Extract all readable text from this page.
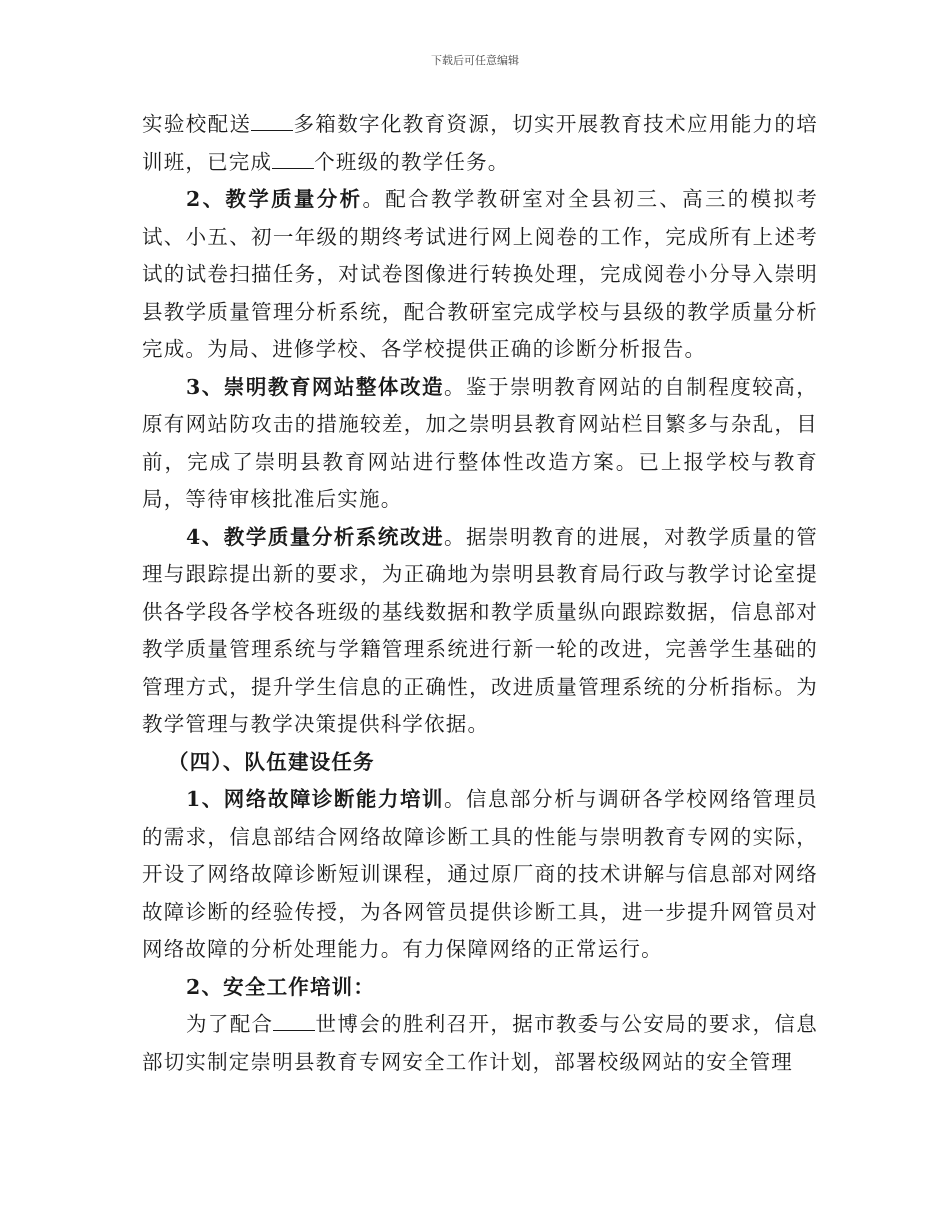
下载后可任意编辑

实验校配送 多箱数字化教育资源，切实开展教育技术应用能力的培训班，已完成 个班级的教学任务。

2、教学质量分析。配合教学教研室对全县初三、高三的模拟考试、小五、初一年级的期终考试进行网上阅卷的工作，完成所有上述考试的试卷扫描任务，对试卷图像进行转换处理，完成阅卷小分导入崇明县教学质量管理分析系统，配合教研室完成学校与县级的教学质量分析完成。为局、进修学校、各学校提供正确的诊断分析报告。

3、崇明教育网站整体改造。鉴于崇明教育网站的自制程度较高，原有网站防攻击的措施较差，加之崇明县教育网站栏目繁多与杂乱，目前，完成了崇明县教育网站进行整体性改造方案。已上报学校与教育局，等待审核批准后实施。

4、教学质量分析系统改进。据崇明教育的进展，对教学质量的管理与跟踪提出新的要求，为正确地为崇明县教育局行政与教学讨论室提供各学段各学校各班级的基线数据和教学质量纵向跟踪数据，信息部对教学质量管理系统与学籍管理系统进行新一轮的改进，完善学生基础的管理方式，提升学生信息的正确性，改进质量管理系统的分析指标。为教学管理与教学决策提供科学依据。

（四）、队伍建设任务

1、网络故障诊断能力培训。信息部分析与调研各学校网络管理员的需求，信息部结合网络故障诊断工具的性能与崇明教育专网的实际，开设了网络故障诊断短训课程，通过原厂商的技术讲解与信息部对网络故障诊断的经验传授，为各网管员提供诊断工具，进一步提升网管员对网络故障的分析处理能力。有力保障网络的正常运行。

2、安全工作培训：

为了配合 世博会的胜利召开，据市教委与公安局的要求，信息部切实制定崇明县教育专网安全工作计划，部署校级网站的安全管理
